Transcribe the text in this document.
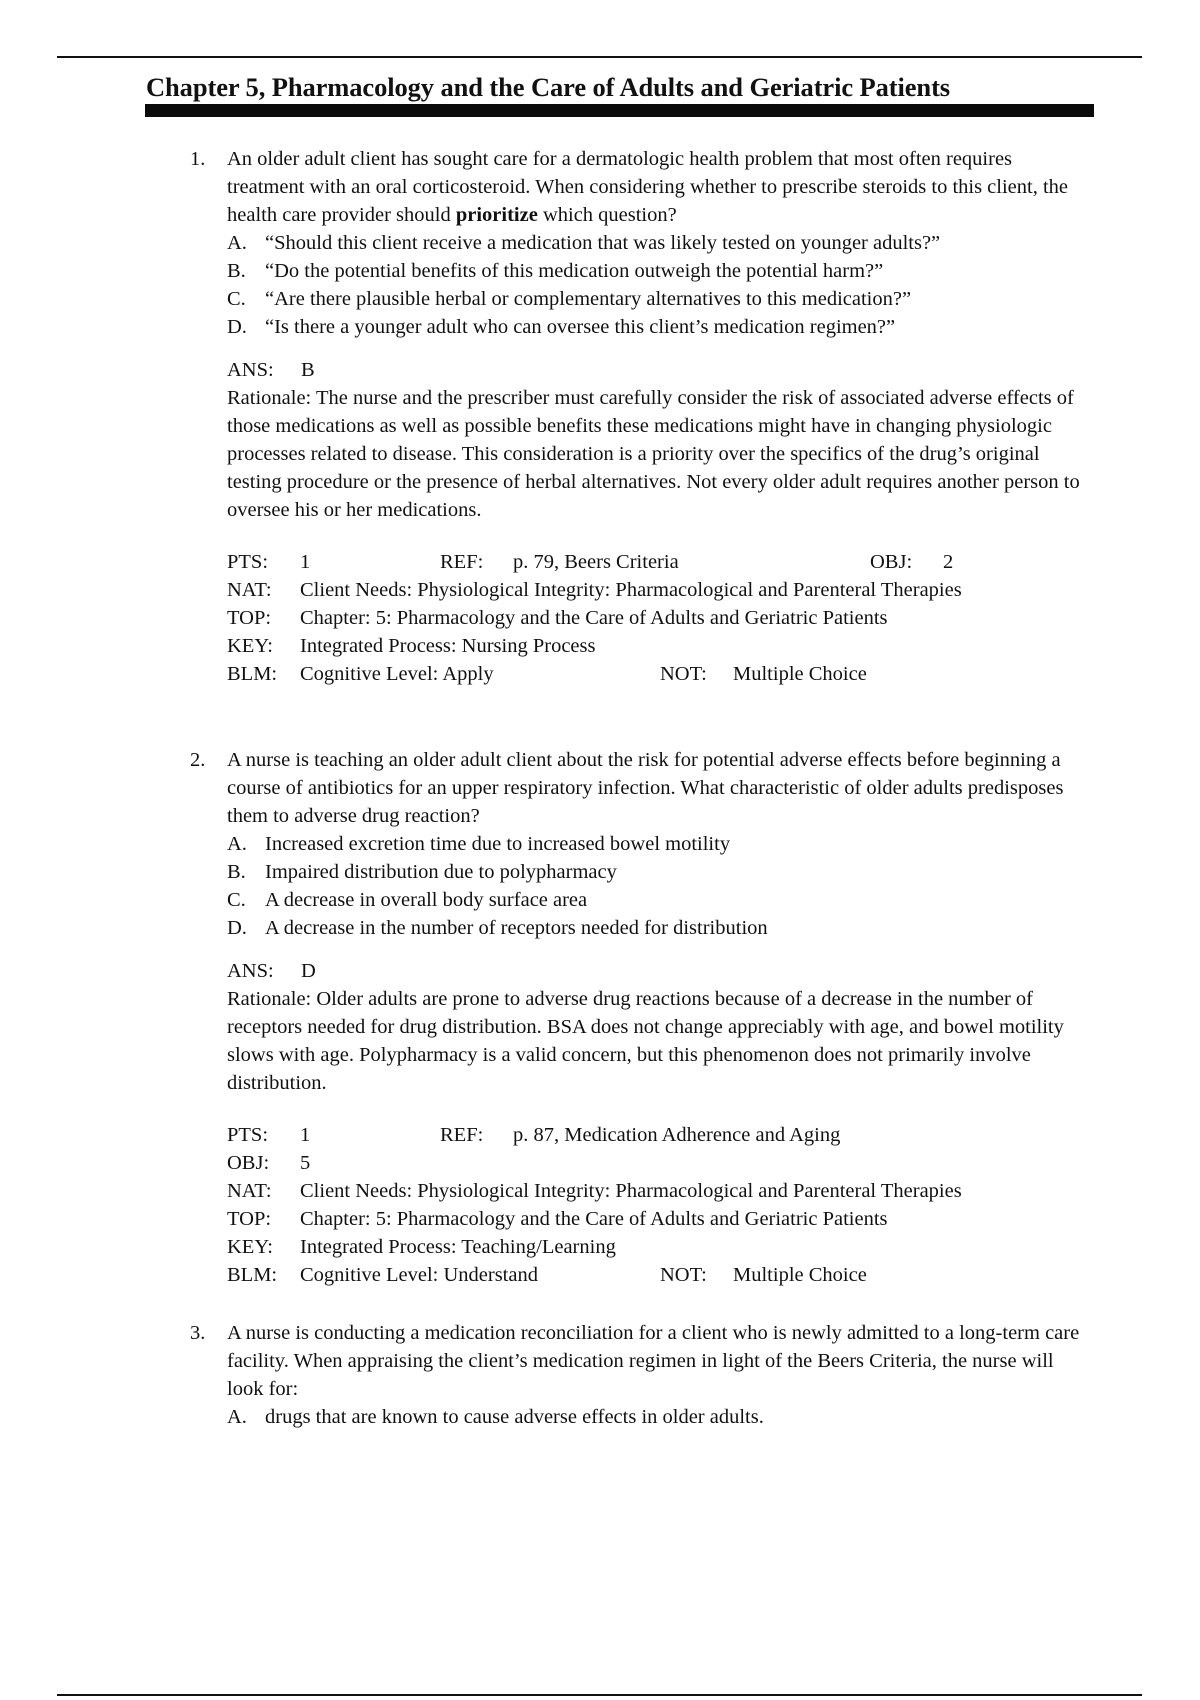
Chapter 5, Pharmacology and the Care of Adults and Geriatric Patients
1.	An older adult client has sought care for a dermatologic health problem that most often requires treatment with an oral corticosteroid. When considering whether to prescribe steroids to this client, the health care provider should prioritize which question?

A. “Should this client receive a medication that was likely tested on younger adults?”
B. “Do the potential benefits of this medication outweigh the potential harm?”
C. “Are there plausible herbal or complementary alternatives to this medication?”
D. “Is there a younger adult who can oversee this client’s medication regimen?”
ANS:	B

Rationale: The nurse and the prescriber must carefully consider the risk of associated adverse effects of those medications as well as possible benefits these medications might have in changing physiologic processes related to disease. This consideration is a priority over the specifics of the drug’s original testing procedure or the presence of herbal alternatives. Not every older adult requires another person to oversee his or her medications.

PTS:	1	REF:	p. 79, Beers Criteria	OBJ:	2
NAT:	Client Needs: Physiological Integrity: Pharmacological and Parenteral Therapies
TOP:	Chapter: 5: Pharmacology and the Care of Adults and Geriatric Patients
KEY:	Integrated Process: Nursing Process
BLM:	Cognitive Level: Apply	NOT:	Multiple Choice
2.	A nurse is teaching an older adult client about the risk for potential adverse effects before beginning a course of antibiotics for an upper respiratory infection. What characteristic of older adults predisposes them to adverse drug reaction?

A. Increased excretion time due to increased bowel motility
B. Impaired distribution due to polypharmacy
C. A decrease in overall body surface area
D. A decrease in the number of receptors needed for distribution
ANS:	D

Rationale: Older adults are prone to adverse drug reactions because of a decrease in the number of receptors needed for drug distribution. BSA does not change appreciably with age, and bowel motility slows with age. Polypharmacy is a valid concern, but this phenomenon does not primarily involve distribution.

PTS:	1	REF:	p. 87, Medication Adherence and Aging
OBJ:	5
NAT:	Client Needs: Physiological Integrity: Pharmacological and Parenteral Therapies
TOP:	Chapter: 5: Pharmacology and the Care of Adults and Geriatric Patients
KEY:	Integrated Process: Teaching/Learning
BLM:	Cognitive Level: Understand	NOT:	Multiple Choice
3.	A nurse is conducting a medication reconciliation for a client who is newly admitted to a long-term care facility. When appraising the client’s medication regimen in light of the Beers Criteria, the nurse will look for:

A. drugs that are known to cause adverse effects in older adults.
